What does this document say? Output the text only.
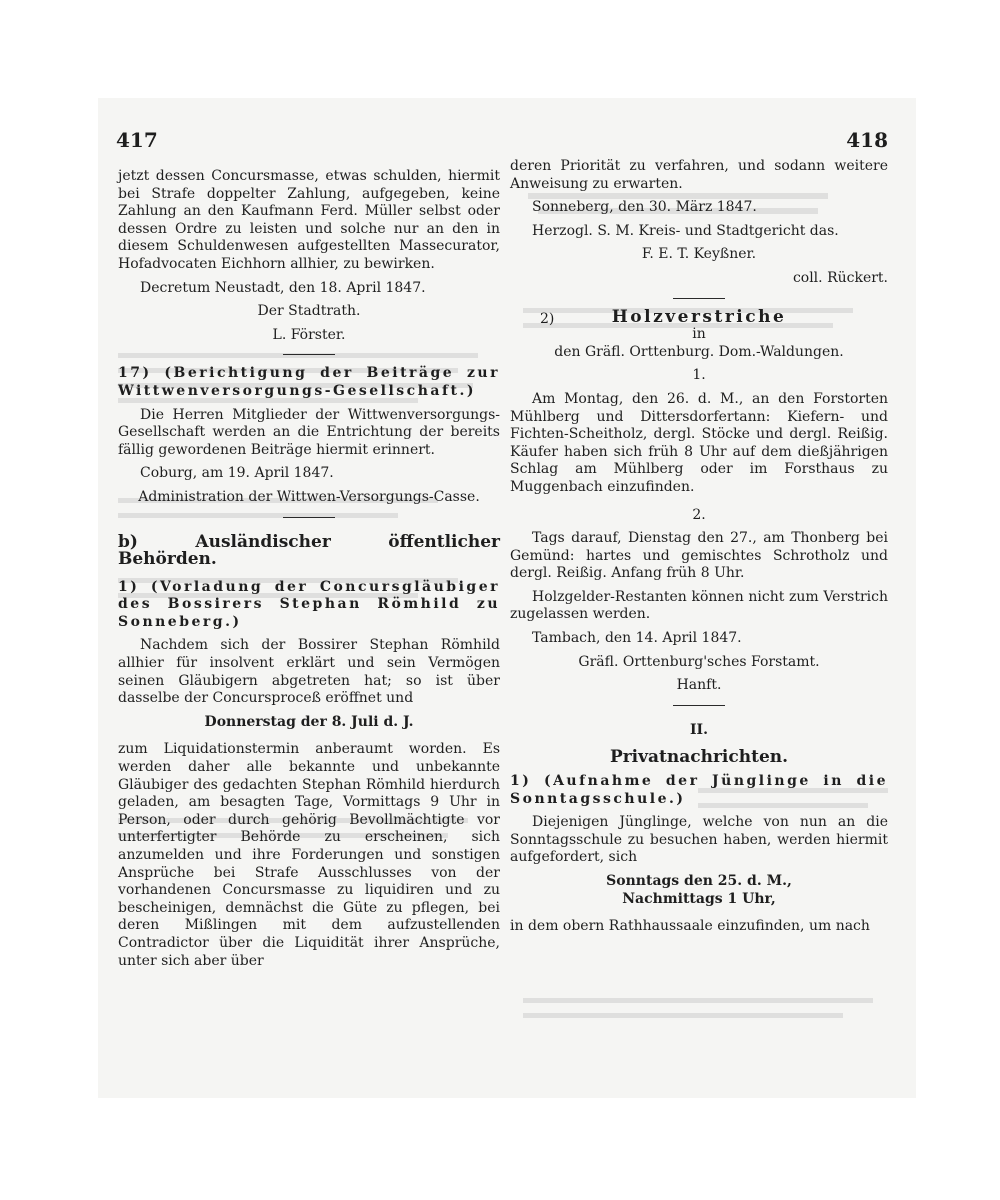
417	418

jetzt dessen Concursmasse, etwas schulden, hiermit bei Strafe doppelter Zahlung, aufgegeben, keine Zahlung an den Kaufmann Ferd. Müller selbst oder dessen Ordre zu leisten und solche nur an den in diesem Schuldenwesen aufgestellten Massecurator, Hofadvocaten Eichhorn allhier, zu bewirken.

Decretum Neustadt, den 18. April 1847.

Der Stadtrath.

L. Förster.

17) (Berichtigung der Beiträge zur Wittwenversorgungs-Gesellschaft.)

Die Herren Mitglieder der Wittwenversorgungs-Gesellschaft werden an die Entrichtung der bereits fällig gewordenen Beiträge hiermit erinnert.

Coburg, am 19. April 1847.

Administration der Wittwen-Versorgungs-Casse.

b) Ausländischer öffentlicher Behörden.

1) (Vorladung der Concursgläubiger des Bossirers Stephan Römhild zu Sonneberg.)

Nachdem sich der Bossirer Stephan Römhild allhier für insolvent erklärt und sein Vermögen seinen Gläubigern abgetreten hat; so ist über dasselbe der Concursproceß eröffnet und

Donnerstag der 8. Juli d. J.

zum Liquidationstermin anberaumt worden. Es werden daher alle bekannte und unbekannte Gläubiger des gedachten Stephan Römhild hierdurch geladen, am besagten Tage, Vormittags 9 Uhr in Person, oder durch gehörig Bevollmächtigte vor unterfertigter Behörde zu erscheinen, sich anzumelden und ihre Forderungen und sonstigen Ansprüche bei Strafe Ausschlusses von der vorhandenen Concursmasse zu liquidiren und zu bescheinigen, demnächst die Güte zu pflegen, bei deren Mißlingen mit dem aufzustellenden Contradictor über die Liquidität ihrer Ansprüche, unter sich aber über

deren Priorität zu verfahren, und sodann weitere Anweisung zu erwarten.

Sonneberg, den 30. März 1847.

Herzogl. S. M. Kreis- und Stadtgericht das.

F. E. T. Keyßner.

coll. Rückert.

2)	Holzverstriche

in

den Gräfl. Orttenburg. Dom.-Waldungen.

1.

Am Montag, den 26. d. M., an den Forstorten Mühlberg und Dittersdorfertann: Kiefern- und Fichten-Scheitholz, dergl. Stöcke und dergl. Reißig. Käufer haben sich früh 8 Uhr auf dem dießjährigen Schlag am Mühlberg oder im Forsthaus zu Muggenbach einzufinden.

2.

Tags darauf, Dienstag den 27., am Thonberg bei Gemünd: hartes und gemischtes Schrotholz und dergl. Reißig. Anfang früh 8 Uhr.

Holzgelder-Restanten können nicht zum Verstrich zugelassen werden.

Tambach, den 14. April 1847.

Gräfl. Orttenburg'sches Forstamt.

Hanft.

II.

Privatnachrichten.

1) (Aufnahme der Jünglinge in die Sonntagsschule.)

Diejenigen Jünglinge, welche von nun an die Sonntagsschule zu besuchen haben, werden hiermit aufgefordert, sich

Sonntags den 25. d. M.,

Nachmittags 1 Uhr,

in dem obern Rathhaussaale einzufinden, um nach
